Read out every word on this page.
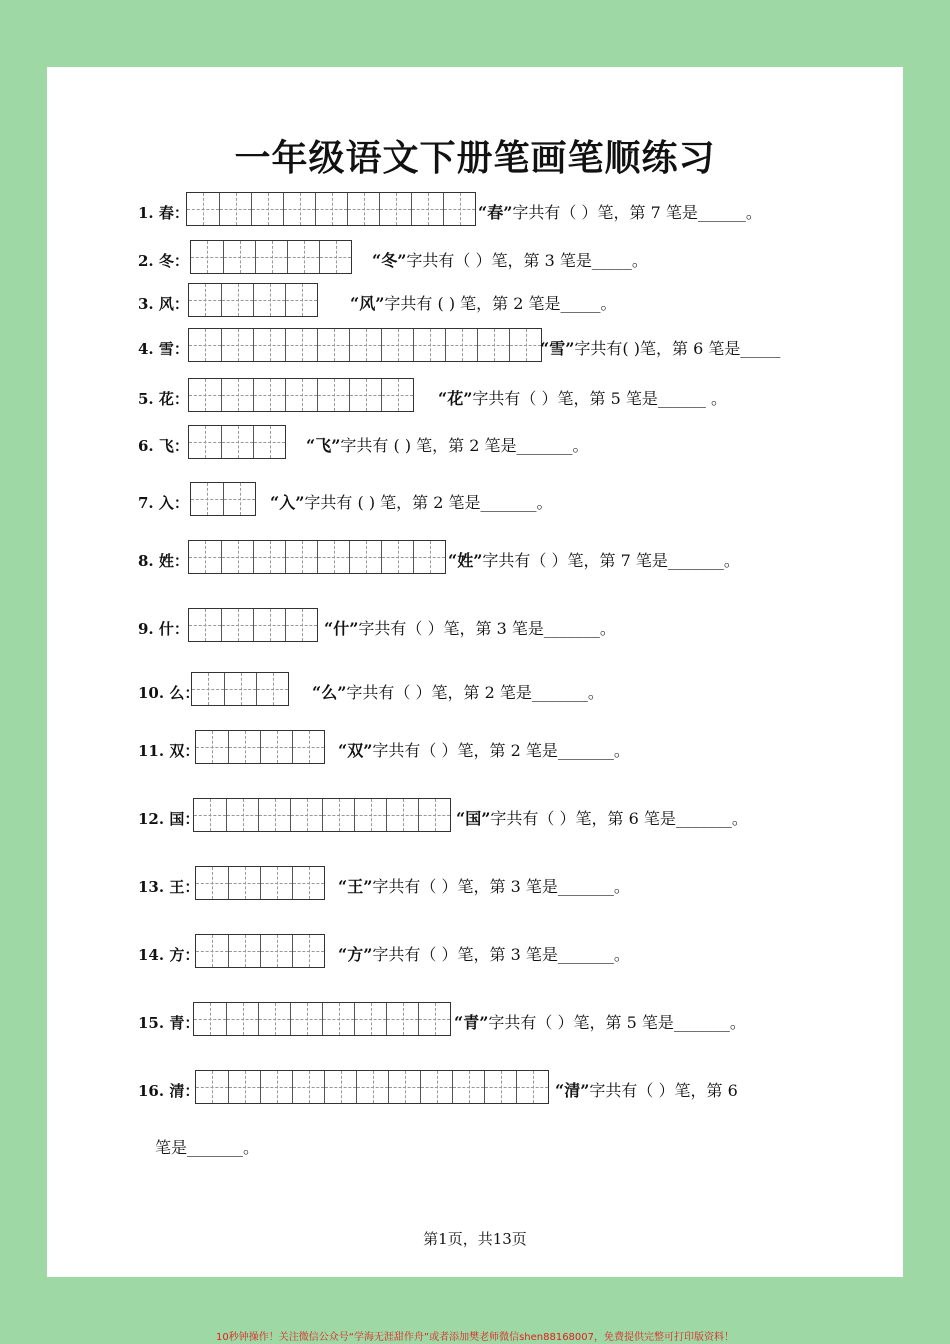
一年级语文下册笔画笔顺练习
1. 春：	“春”字共有（ ）笔，第 7 笔是______。
2. 冬：	“冬”字共有（ ）笔，第 3 笔是_____。
3. 风：	“风”字共有 ( ) 笔，第 2 笔是_____。
4. 雪：	“雪”字共有( )笔，第 6 笔是_____
5. 花：	“花”字共有（ ）笔，第 5 笔是______ 。
6. 飞：	“飞”字共有 ( ) 笔，第 2 笔是_______。
7. 入：	“入”字共有 ( ) 笔，第 2 笔是_______。
8. 姓：	“姓”字共有（ ）笔，第 7 笔是_______。
9. 什：	“什”字共有（ ）笔，第 3 笔是_______。
10. 么：	“么”字共有（ ）笔，第 2 笔是_______。
11. 双：	“双”字共有（ ）笔，第 2 笔是_______。
12. 国：	“国”字共有（ ）笔，第 6 笔是_______。
13. 王：	“王”字共有（ ）笔，第 3 笔是_______。
14. 方：	“方”字共有（ ）笔，第 3 笔是_______。
15. 青：	“青”字共有（ ）笔，第 5 笔是_______。
16. 清：	“清”字共有（ ）笔，第 6
笔是_______。
第1页，共13页
10秒钟操作！关注微信公众号“学海无涯甜作舟”或者添加樊老师微信shen88168007，免费提供完整可打印版资料！
